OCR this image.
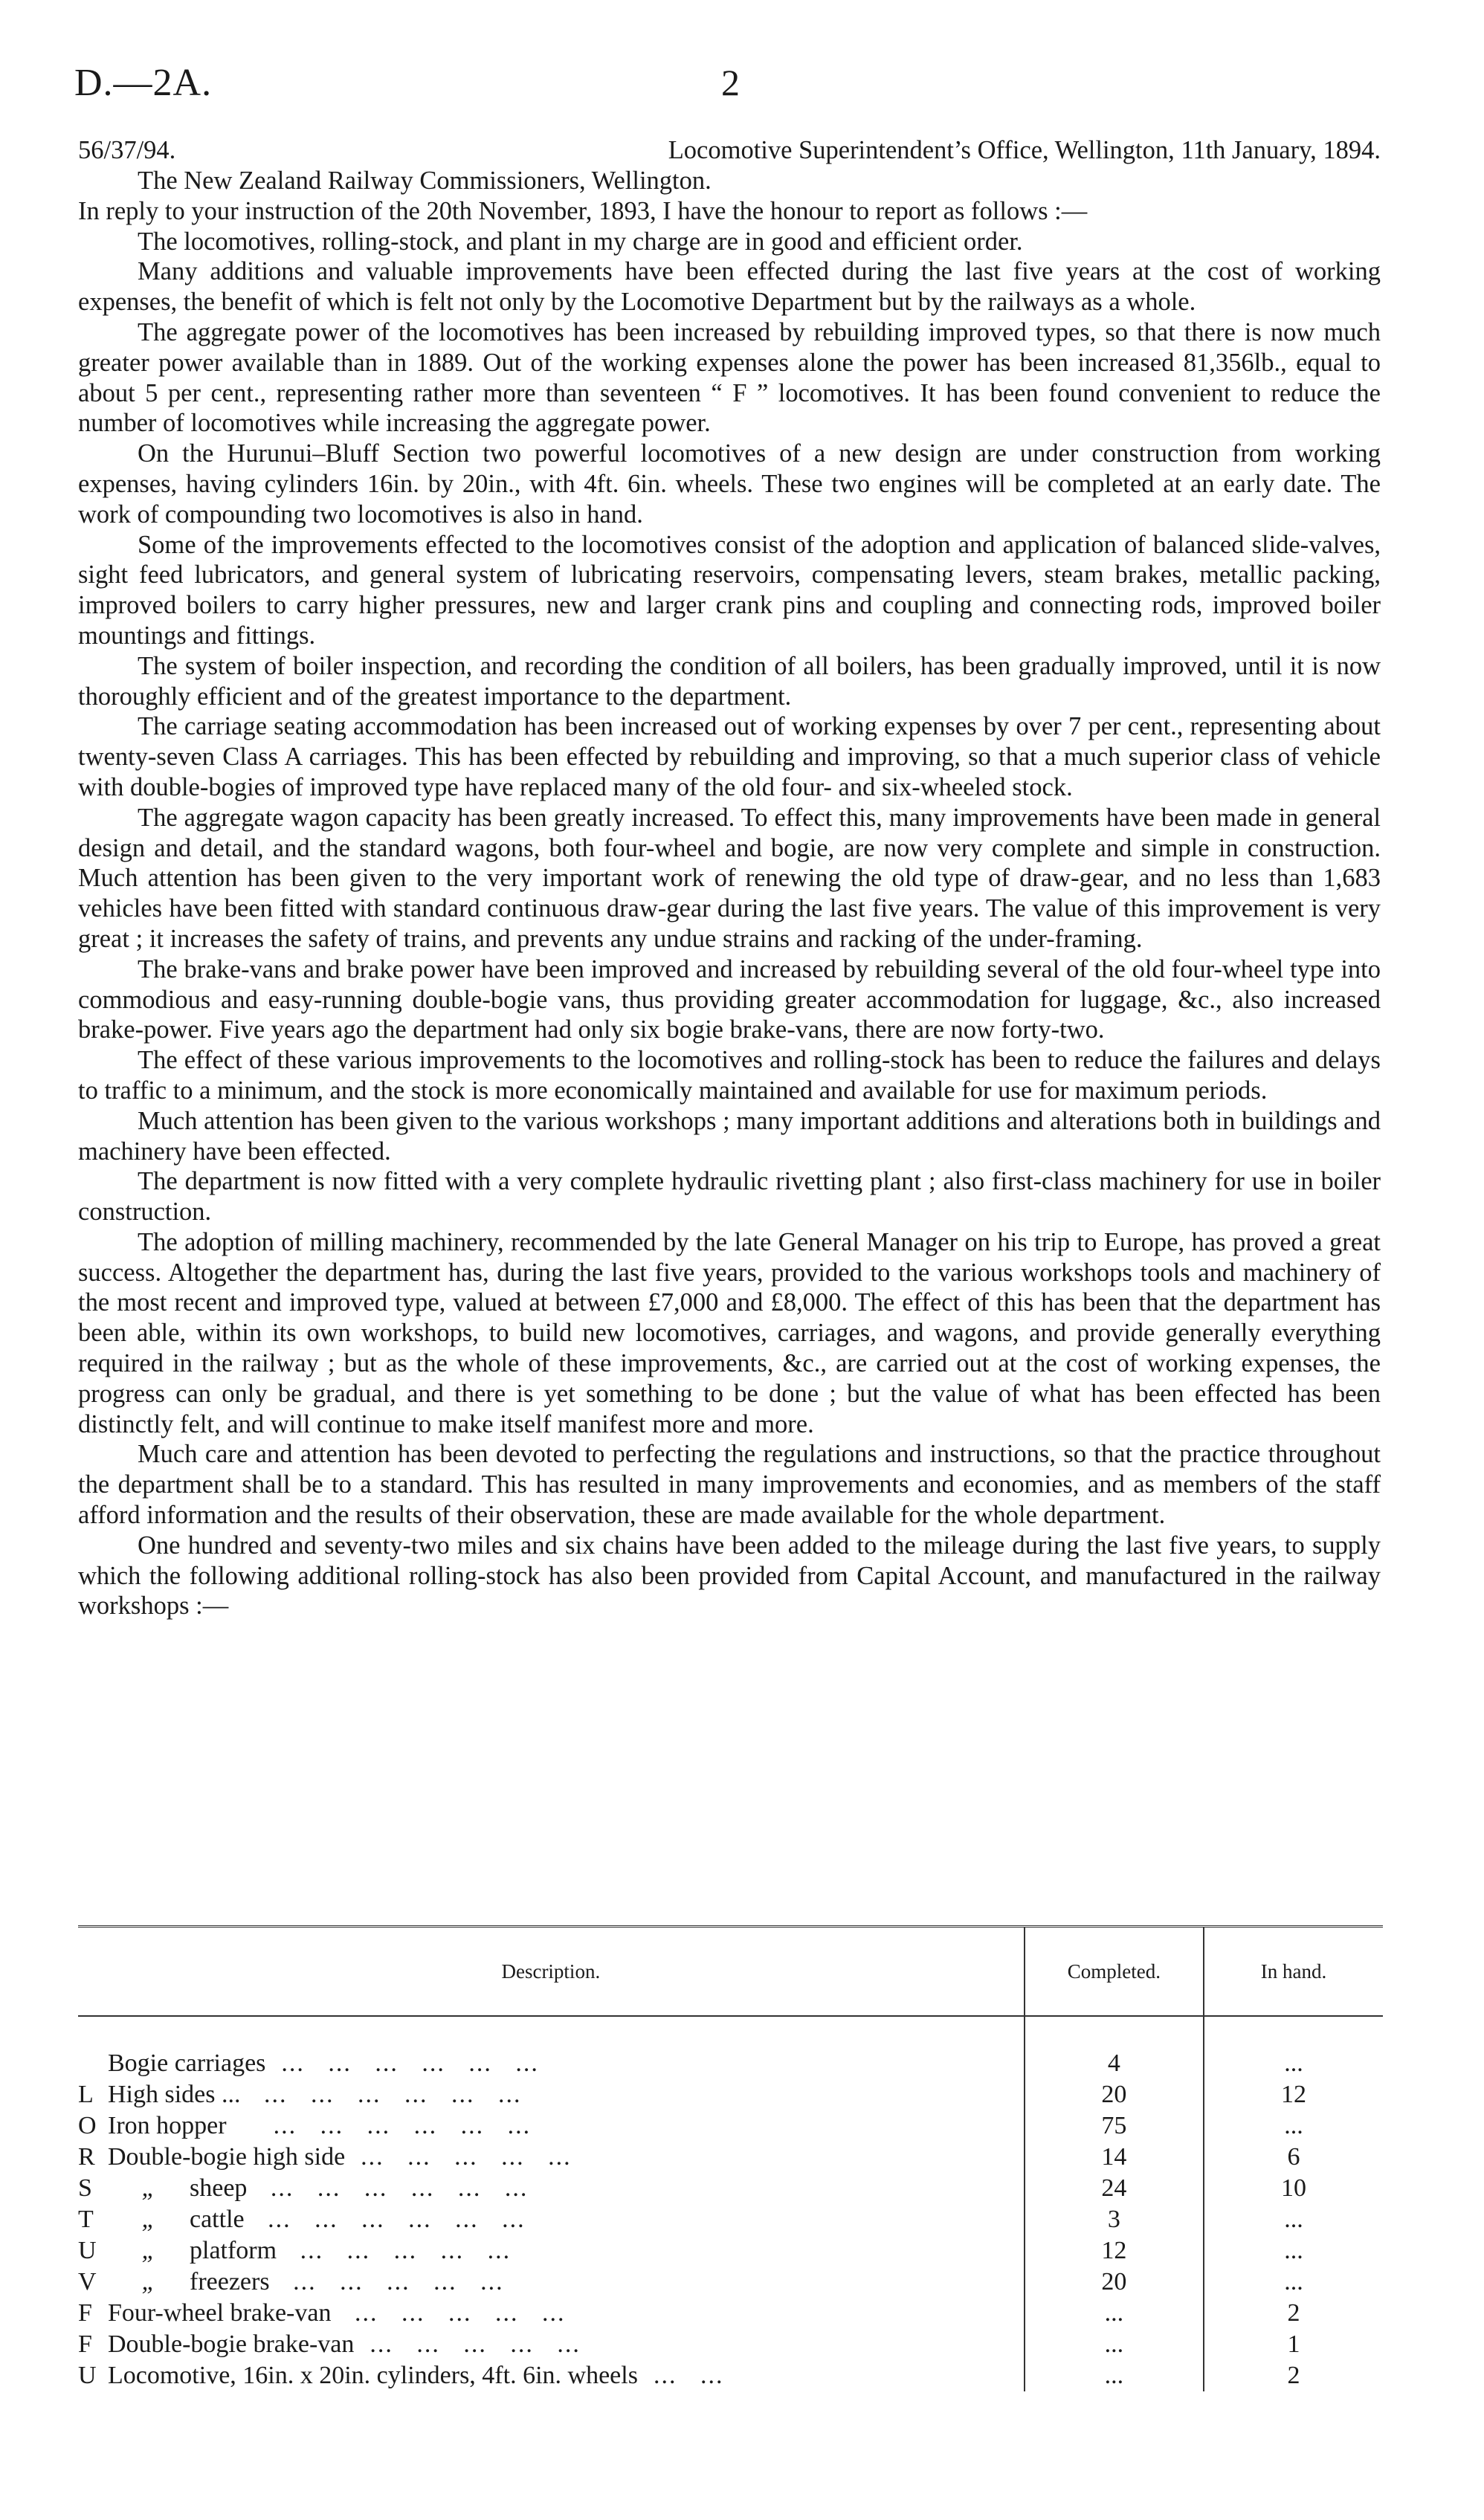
D.—2A.	2
56/37/94.	Locomotive Superintendent’s Office, Wellington, 11th January, 1894.

The New Zealand Railway Commissioners, Wellington.

In reply to your instruction of the 20th November, 1893, I have the honour to report as follows :—

The locomotives, rolling-stock, and plant in my charge are in good and efficient order.

Many additions and valuable improvements have been effected during the last five years at the cost of working expenses, the benefit of which is felt not only by the Locomotive Department but by the railways as a whole.

The aggregate power of the locomotives has been increased by rebuilding improved types, so that there is now much greater power available than in 1889. Out of the working expenses alone the power has been increased 81,356lb., equal to about 5 per cent., representing rather more than seventeen “ F ” locomotives. It has been found convenient to reduce the number of locomotives while increasing the aggregate power.

On the Hurunui–Bluff Section two powerful locomotives of a new design are under construction from working expenses, having cylinders 16in. by 20in., with 4ft. 6in. wheels. These two engines will be completed at an early date. The work of compounding two locomotives is also in hand.

Some of the improvements effected to the locomotives consist of the adoption and application of balanced slide-valves, sight feed lubricators, and general system of lubricating reservoirs, compensating levers, steam brakes, metallic packing, improved boilers to carry higher pressures, new and larger crank pins and coupling and connecting rods, improved boiler mountings and fittings.

The system of boiler inspection, and recording the condition of all boilers, has been gradually improved, until it is now thoroughly efficient and of the greatest importance to the department.

The carriage seating accommodation has been increased out of working expenses by over 7 per cent., representing about twenty-seven Class A carriages. This has been effected by rebuilding and improving, so that a much superior class of vehicle with double-bogies of improved type have replaced many of the old four- and six-wheeled stock.

The aggregate wagon capacity has been greatly increased. To effect this, many improvements have been made in general design and detail, and the standard wagons, both four-wheel and bogie, are now very complete and simple in construction. Much attention has been given to the very important work of renewing the old type of draw-gear, and no less than 1,683 vehicles have been fitted with standard continuous draw-gear during the last five years. The value of this improvement is very great ; it increases the safety of trains, and prevents any undue strains and racking of the under-framing.

The brake-vans and brake power have been improved and increased by rebuilding several of the old four-wheel type into commodious and easy-running double-bogie vans, thus providing greater accommodation for luggage, &c., also increased brake-power. Five years ago the department had only six bogie brake-vans, there are now forty-two.

The effect of these various improvements to the locomotives and rolling-stock has been to reduce the failures and delays to traffic to a minimum, and the stock is more economically maintained and available for use for maximum periods.

Much attention has been given to the various workshops ; many important additions and alterations both in buildings and machinery have been effected.

The department is now fitted with a very complete hydraulic rivetting plant ; also first-class machinery for use in boiler construction.

The adoption of milling machinery, recommended by the late General Manager on his trip to Europe, has proved a great success. Altogether the department has, during the last five years, provided to the various workshops tools and machinery of the most recent and improved type, valued at between £7,000 and £8,000. The effect of this has been that the department has been able, within its own workshops, to build new locomotives, carriages, and wagons, and provide generally everything required in the railway ; but as the whole of these improvements, &c., are carried out at the cost of working expenses, the progress can only be gradual, and there is yet something to be done ; but the value of what has been effected has been distinctly felt, and will continue to make itself manifest more and more.

Much care and attention has been devoted to perfecting the regulations and instructions, so that the practice throughout the department shall be to a standard. This has resulted in many improvements and economies, and as members of the staff afford information and the results of their observation, these are made available for the whole department.

One hundred and seventy-two miles and six chains have been added to the mileage during the last five years, to supply which the following additional rolling-stock has also been provided from Capital Account, and manufactured in the railway workshops :—

Description.	Completed.	In hand.

Bogie carriages  ...   ...   ...   ...   ...   ...	4	...
L High sides ...   ...   ...   ...   ...   ...   ...	20	12
O Iron hopper      ...   ...   ...   ...   ...   ...	75	...
R Double-bogie high side  ...   ...   ...   ...   ...	14	6
S „ sheep   ...   ...   ...   ...   ...   ...	24	10
T „ cattle   ...   ...   ...   ...   ...   ...	3	...
U „ platform   ...   ...   ...   ...   ...	12	...
V „ freezers   ...   ...   ...   ...   ...	20	...
F Four-wheel brake-van   ...   ...   ...   ...   ...	...	2
F Double-bogie brake-van  ...   ...   ...   ...   ...	...	1
U Locomotive, 16in. x 20in. cylinders, 4ft. 6in. wheels  ...   ...	...	2
